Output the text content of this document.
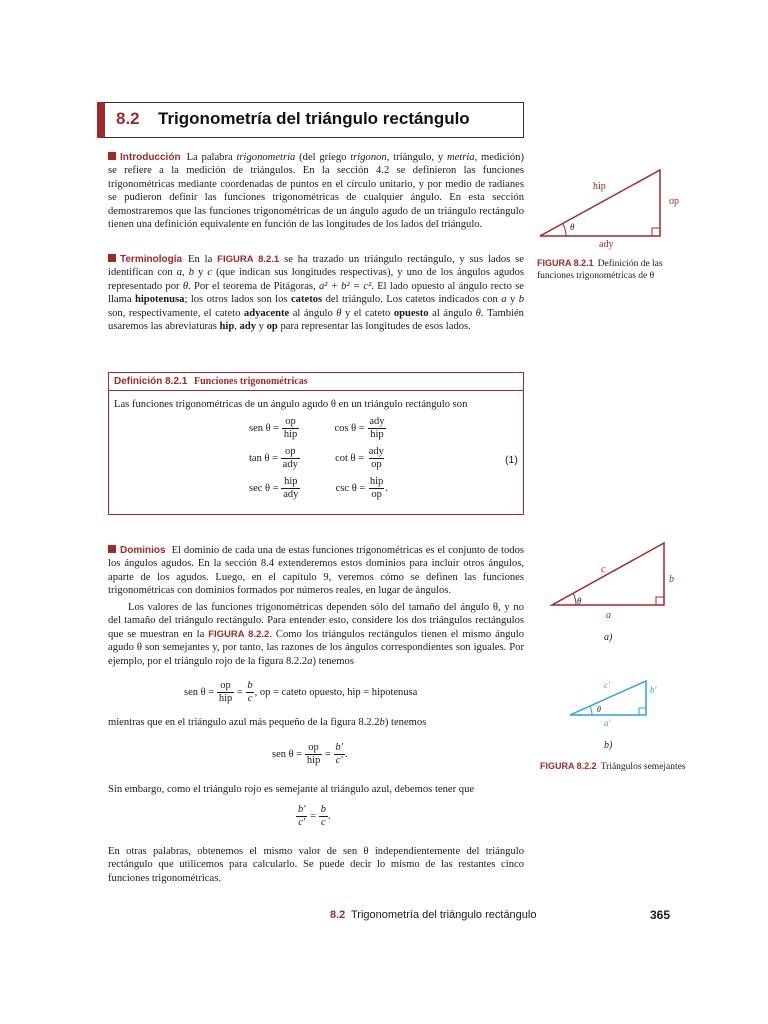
8.2 Trigonometría del triángulo rectángulo
Introducción La palabra trigonometría (del griego trigonon, triángulo, y metria, medición) se refiere a la medición de triángulos. En la sección 4.2 se definieron las funciones trigonométricas mediante coordenadas de puntos en el círculo unitario, y por medio de radianes se pudieron definir las funciones trigonométricas de cualquier ángulo. En esta sección demostraremos que las funciones trigonométricas de un ángulo agudo de un triángulo rectángulo tienen una definición equivalente en función de las longitudes de los lados del triángulo.
Terminología En la FIGURA 8.2.1 se ha trazado un triángulo rectángulo, y sus lados se identifican con a, b y c (que indican sus longitudes respectivas), y uno de los ángulos agudos representado por θ. Por el teorema de Pitágoras, a² + b² = c². El lado opuesto al ángulo recto se llama hipotenusa; los otros lados son los catetos del triángulo. Los catetos indicados con a y b son, respectivamente, el cateto adyacente al ángulo θ y el cateto opuesto al ángulo θ. También usaremos las abreviaturas hip, ady y op para representar las longitudes de esos lados.
Definición 8.2.1 Funciones trigonométricas
Las funciones trigonométricas de un ángulo agudo θ en un triángulo rectángulo son
sen $\theta = \frac{op}{\text{hip}}$	$\cos \theta = \frac{\text{ady}}{\text{hip}}$
$\tan \theta = \frac{op}{\text{ady}}$	$\cot \theta = \frac{\text{ady}}{op}$
$\sec \theta = \frac{\text{hip}}{\text{ady}}$	$\csc \theta = \frac{\text{hip}}{op}$ .
(1)
Dominios El dominio de cada una de estas funciones trigonométricas es el conjunto de todos los ángulos agudos. En la sección 8.4 extenderemos estos dominios para incluir otros ángulos, aparte de los agudos. Luego, en el capítulo 9, veremos cómo se definen las funciones trigonométricas con dominios formados por números reales, en lugar de ángulos.
Los valores de las funciones trigonométricas dependen sólo del tamaño del ángulo θ, y no del tamaño del triángulo rectángulo. Para entender esto, considere los dos triángulos rectángulos que se muestran en la FIGURA 8.2.2. Como los triángulos rectángulos tienen el mismo ángulo agudo θ son semejantes y, por tanto, las razones de los ángulos correspondientes son iguales. Por ejemplo, por el triángulo rojo de la figura 8.2.2a) tenemos
sen $\theta = \frac{op}{\text{hip}} = \frac{b}{c}$ , op = cateto opuesto, hip = hipotenusa
mientras que en el triángulo azul más pequeño de la figura 8.2.2b) tenemos
sen $\theta = \frac{op}{\text{hip}} = \frac{b'}{c'}$ .
Sin embargo, como el triángulo rojo es semejante al triángulo azul, debemos tener que
$\frac{b'}{c'} = \frac{b}{c}$ .
En otras palabras, obtenemos el mismo valor de sen θ independientemente del triángulo rectángulo que utilicemos para calcularlo. Se puede decir lo mismo de las restantes cinco funciones trigonométricas.
hip
op
ady
θ
FIGURA 8.2.1 Definición de las funciones trigonométricas de θ
c
b
a
θ
a)
c′	b′
a′
θ
b)
FIGURA 8.2.2 Triángulos semejantes
8.2 Trigonometría del triángulo rectángulo	365
